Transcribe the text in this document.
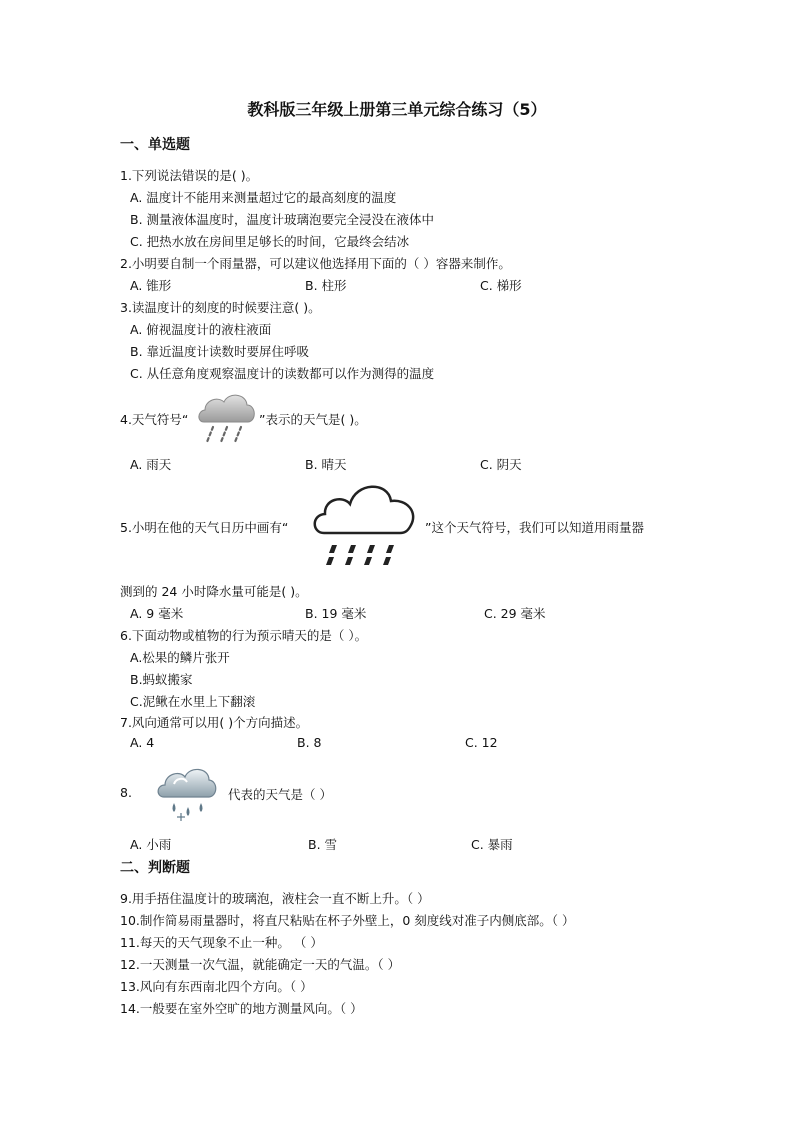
教科版三年级上册第三单元综合练习（5）
一、单选题
1.下列说法错误的是( )。
A. 温度计不能用来测量超过它的最高刻度的温度
B. 测量液体温度时，温度计玻璃泡要完全浸没在液体中
C. 把热水放在房间里足够长的时间，它最终会结冰
2.小明要自制一个雨量器，可以建议他选择用下面的（ ）容器来制作。
A. 锥形	B. 柱形	C. 梯形
3.读温度计的刻度的时候要注意( )。
A. 俯视温度计的液柱液面
B. 靠近温度计读数时要屏住呼吸
C. 从任意角度观察温度计的读数都可以作为测得的温度
4.天气符号“	”表示的天气是( )。
A. 雨天	B. 晴天	C. 阴天
5.小明在他的天气日历中画有“	”这个天气符号，我们可以知道用雨量器
测到的 24 小时降水量可能是( )。
A. 9 毫米	B. 19 毫米	C. 29 毫米
6.下面动物或植物的行为预示晴天的是（ ）。
A.松果的鳞片张开
B.蚂蚁搬家
C.泥鳅在水里上下翻滚
7.风向通常可以用( )个方向描述。
A. 4	B. 8	C. 12
8.	代表的天气是（ ）
A. 小雨	B. 雪	C. 暴雨
二、判断题
9.用手捂住温度计的玻璃泡，液柱会一直不断上升。（ ）
10.制作简易雨量器时，将直尺粘贴在杯子外壁上，0 刻度线对准子内侧底部。（ ）
11.每天的天气现象不止一种。 （ ）
12.一天测量一次气温，就能确定一天的气温。（ ）
13.风向有东西南北四个方向。（ ）
14.一般要在室外空旷的地方测量风向。（ ）
